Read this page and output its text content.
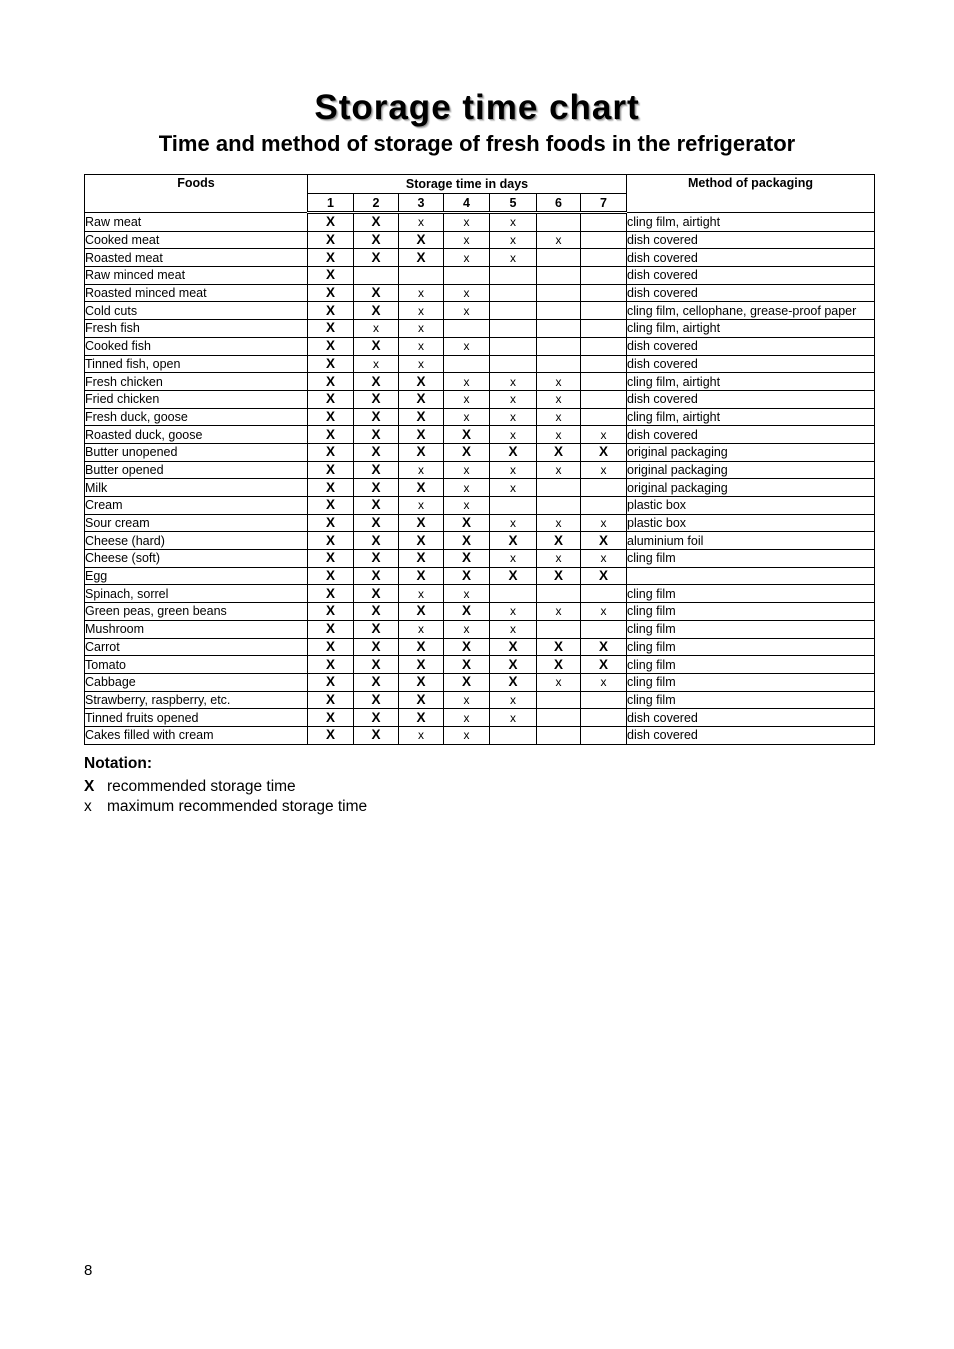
Storage time chart
Time and method of storage of fresh foods in the refrigerator
Foods	Storage time in days							Method of packaging
	1	2	3	4	5	6	7	
Raw meat	X	X	x	x	x			cling film, airtight
Cooked meat	X	X	X	x	x	x		dish covered
Roasted meat	X	X	X	x	x			dish covered
Raw minced meat	X							dish covered
Roasted minced meat	X	X	x	x				dish covered
Cold cuts	X	X	x	x				cling film, cellophane, grease-proof paper
Fresh fish	X	x	x					cling film, airtight
Cooked fish	X	X	x	x				dish covered
Tinned fish, open	X	x	x					dish covered
Fresh chicken	X	X	X	x	x	x		cling film, airtight
Fried chicken	X	X	X	x	x	x		dish covered
Fresh duck, goose	X	X	X	x	x	x		cling film, airtight
Roasted duck, goose	X	X	X	X	x	x	x	dish covered
Butter unopened	X	X	X	X	X	X	X	original packaging
Butter opened	X	X	x	x	x	x	x	original packaging
Milk	X	X	X	x	x			original packaging
Cream	X	X	x	x				plastic box
Sour cream	X	X	X	X	x	x	x	plastic box
Cheese (hard)	X	X	X	X	X	X	X	aluminium foil
Cheese (soft)	X	X	X	X	x	x	x	cling film
Egg	X	X	X	X	X	X	X	
Spinach, sorrel	X	X	x	x				cling film
Green peas, green beans	X	X	X	X	x	x	x	cling film
Mushroom	X	X	x	x	x			cling film
Carrot	X	X	X	X	X	X	X	cling film
Tomato	X	X	X	X	X	X	X	cling film
Cabbage	X	X	X	X	X	x	x	cling film
Strawberry, raspberry, etc.	X	X	X	x	x			cling film
Tinned fruits opened	X	X	X	x	x			dish covered
Cakes filled with cream	X	X	x	x				dish covered
Notation:
X recommended storage time
x maximum recommended storage time
8
